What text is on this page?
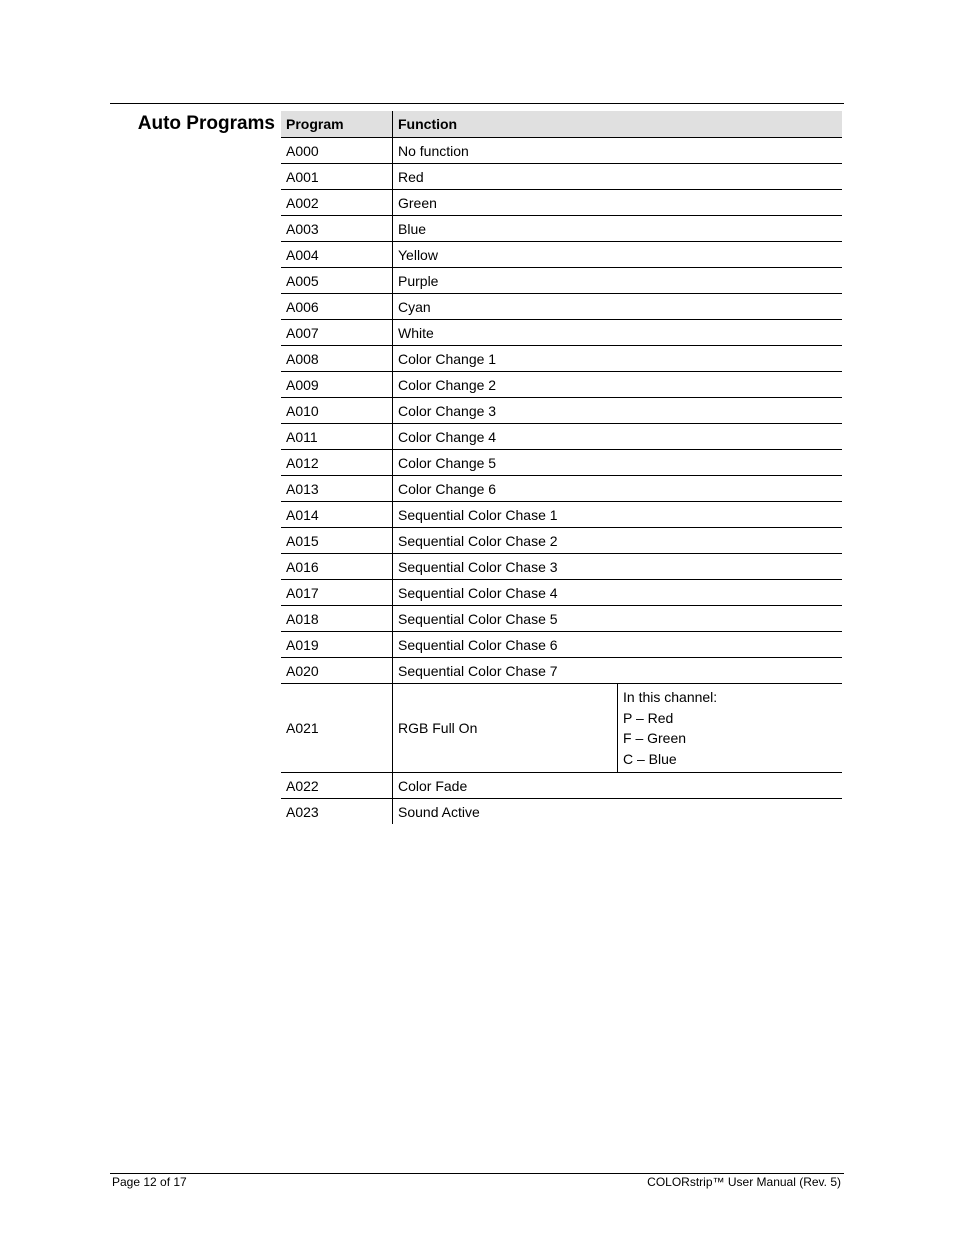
Auto Programs Program	Function	
A000	No function	
A001	Red	
A002	Green	
A003	Blue	
A004	Yellow	
A005	Purple	
A006	Cyan	
A007	White	
A008	Color Change 1	
A009	Color Change 2	
A010	Color Change 3	
A011	Color Change 4	
A012	Color Change 5	
A013	Color Change 6	
A014	Sequential Color Chase 1	
A015	Sequential Color Chase 2	
A016	Sequential Color Chase 3	
A017	Sequential Color Chase 4	
A018	Sequential Color Chase 5	
A019	Sequential Color Chase 6	
A020	Sequential Color Chase 7	
A021	RGB Full On	In this channel:
P – Red
F – Green
C – Blue

A022	Color Fade	
A023	Sound Active	
Page 12 of 17	COLORstrip™ User Manual (Rev. 5)
